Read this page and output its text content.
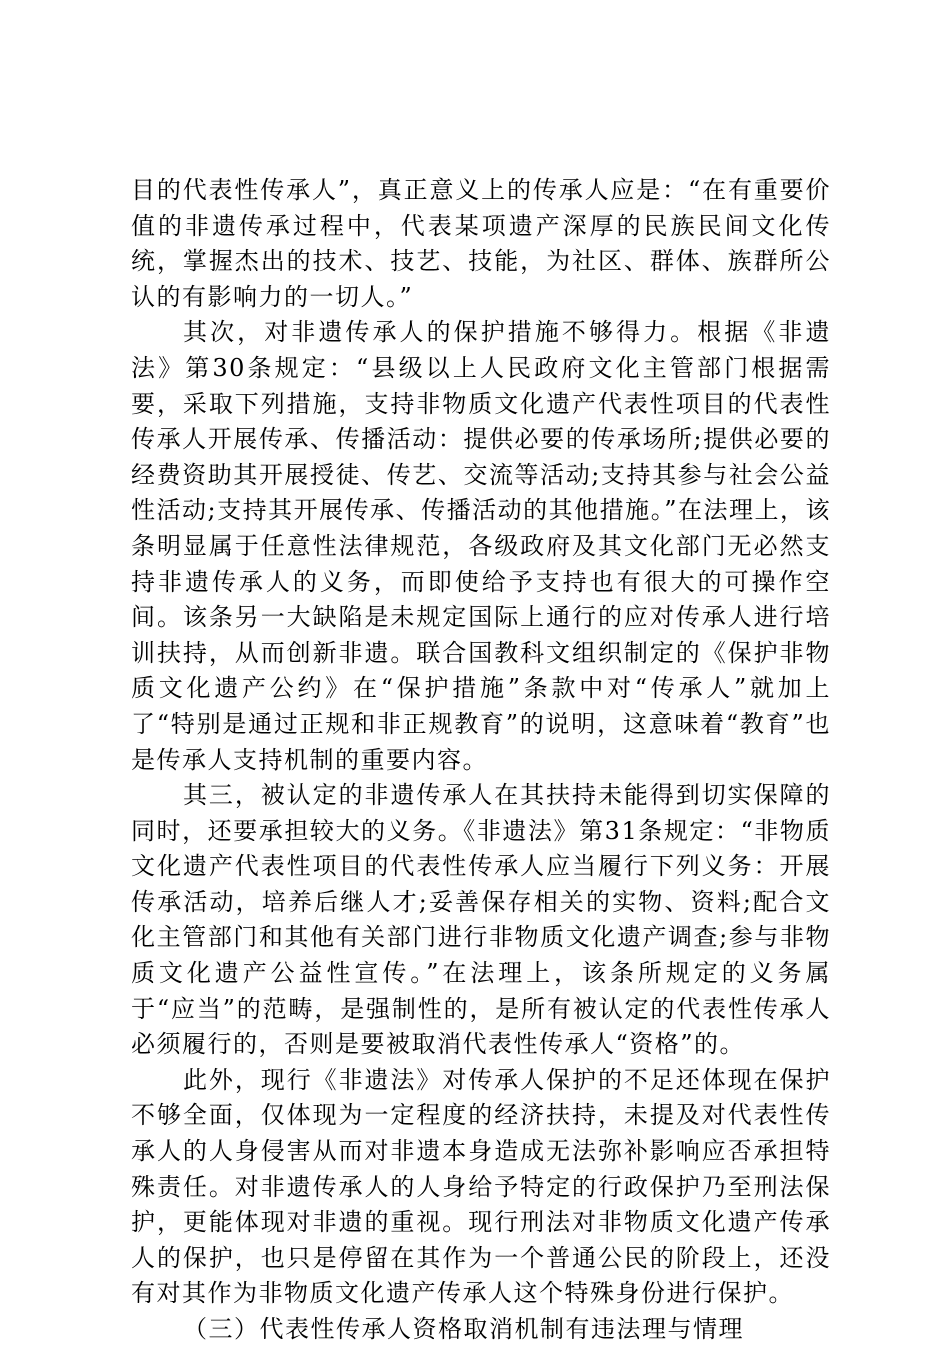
目的代表性传承人”，真正意义上的传承人应是：“在有重要价值的非遗传承过程中，代表某项遗产深厚的民族民间文化传统，掌握杰出的技术、技艺、技能，为社区、群体、族群所公认的有影响力的一切人。”

其次，对非遗传承人的保护措施不够得力。根据《非遗法》第30条规定：“县级以上人民政府文化主管部门根据需要，采取下列措施，支持非物质文化遗产代表性项目的代表性传承人开展传承、传播活动：提供必要的传承场所;提供必要的经费资助其开展授徒、传艺、交流等活动;支持其参与社会公益性活动;支持其开展传承、传播活动的其他措施。”在法理上，该条明显属于任意性法律规范，各级政府及其文化部门无必然支持非遗传承人的义务，而即使给予支持也有很大的可操作空间。该条另一大缺陷是未规定国际上通行的应对传承人进行培训扶持，从而创新非遗。联合国教科文组织制定的《保护非物质文化遗产公约》在“保护措施”条款中对“传承人”就加上了“特别是通过正规和非正规教育”的说明，这意味着“教育”也是传承人支持机制的重要内容。

其三，被认定的非遗传承人在其扶持未能得到切实保障的同时，还要承担较大的义务。《非遗法》第31条规定：“非物质文化遗产代表性项目的代表性传承人应当履行下列义务：开展传承活动，培养后继人才;妥善保存相关的实物、资料;配合文化主管部门和其他有关部门进行非物质文化遗产调查;参与非物质文化遗产公益性宣传。”在法理上，该条所规定的义务属于“应当”的范畴，是强制性的，是所有被认定的代表性传承人必须履行的，否则是要被取消代表性传承人“资格”的。

此外，现行《非遗法》对传承人保护的不足还体现在保护不够全面，仅体现为一定程度的经济扶持，未提及对代表性传承人的人身侵害从而对非遗本身造成无法弥补影响应否承担特殊责任。对非遗传承人的人身给予特定的行政保护乃至刑法保护，更能体现对非遗的重视。现行刑法对非物质文化遗产传承人的保护，也只是停留在其作为一个普通公民的阶段上，还没有对其作为非物质文化遗产传承人这个特殊身份进行保护。

（三）代表性传承人资格取消机制有违法理与情理
